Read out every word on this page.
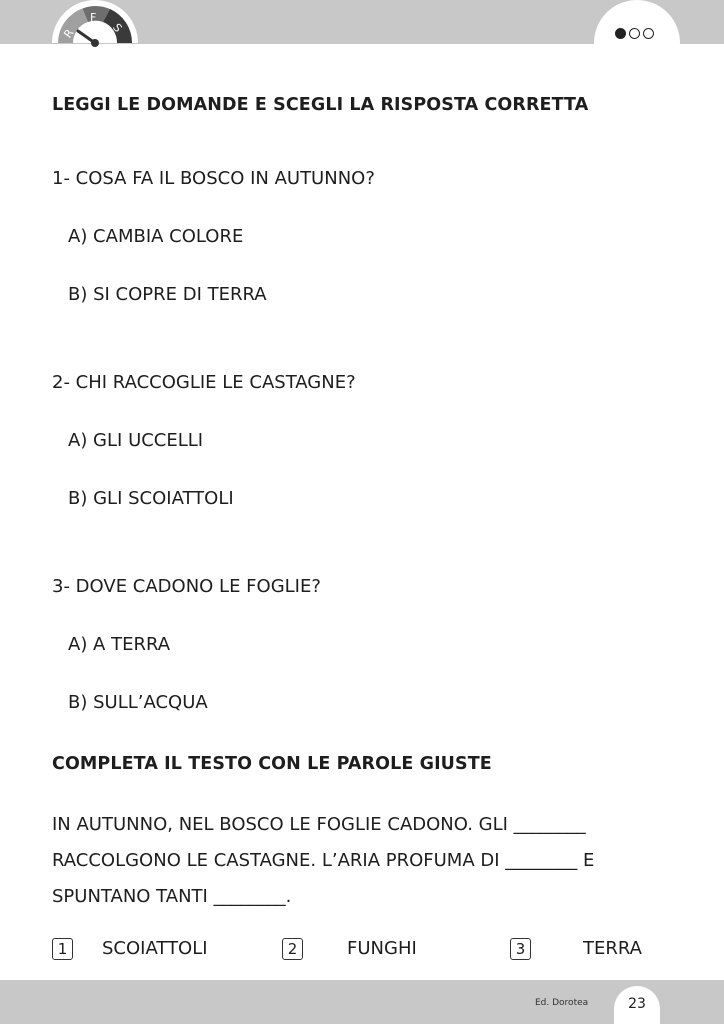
R
F
S
LEGGI LE DOMANDE E SCEGLI LA RISPOSTA CORRETTA
1- COSA FA IL BOSCO IN AUTUNNO?
A) CAMBIA COLORE
B) SI COPRE DI TERRA
2- CHI RACCOGLIE LE CASTAGNE?
A) GLI UCCELLI
B) GLI SCOIATTOLI
3- DOVE CADONO LE FOGLIE?
A) A TERRA
B) SULL’ACQUA
COMPLETA IL TESTO CON LE PAROLE GIUSTE
IN AUTUNNO, NEL BOSCO LE FOGLIE CADONO. GLI ________
RACCOLGONO LE CASTAGNE. L’ARIA PROFUMA DI ________ E
SPUNTANO TANTI ________.
1	SCOIATTOLI	2	FUNGHI	3	TERRA
Ed. Dorotea	23
